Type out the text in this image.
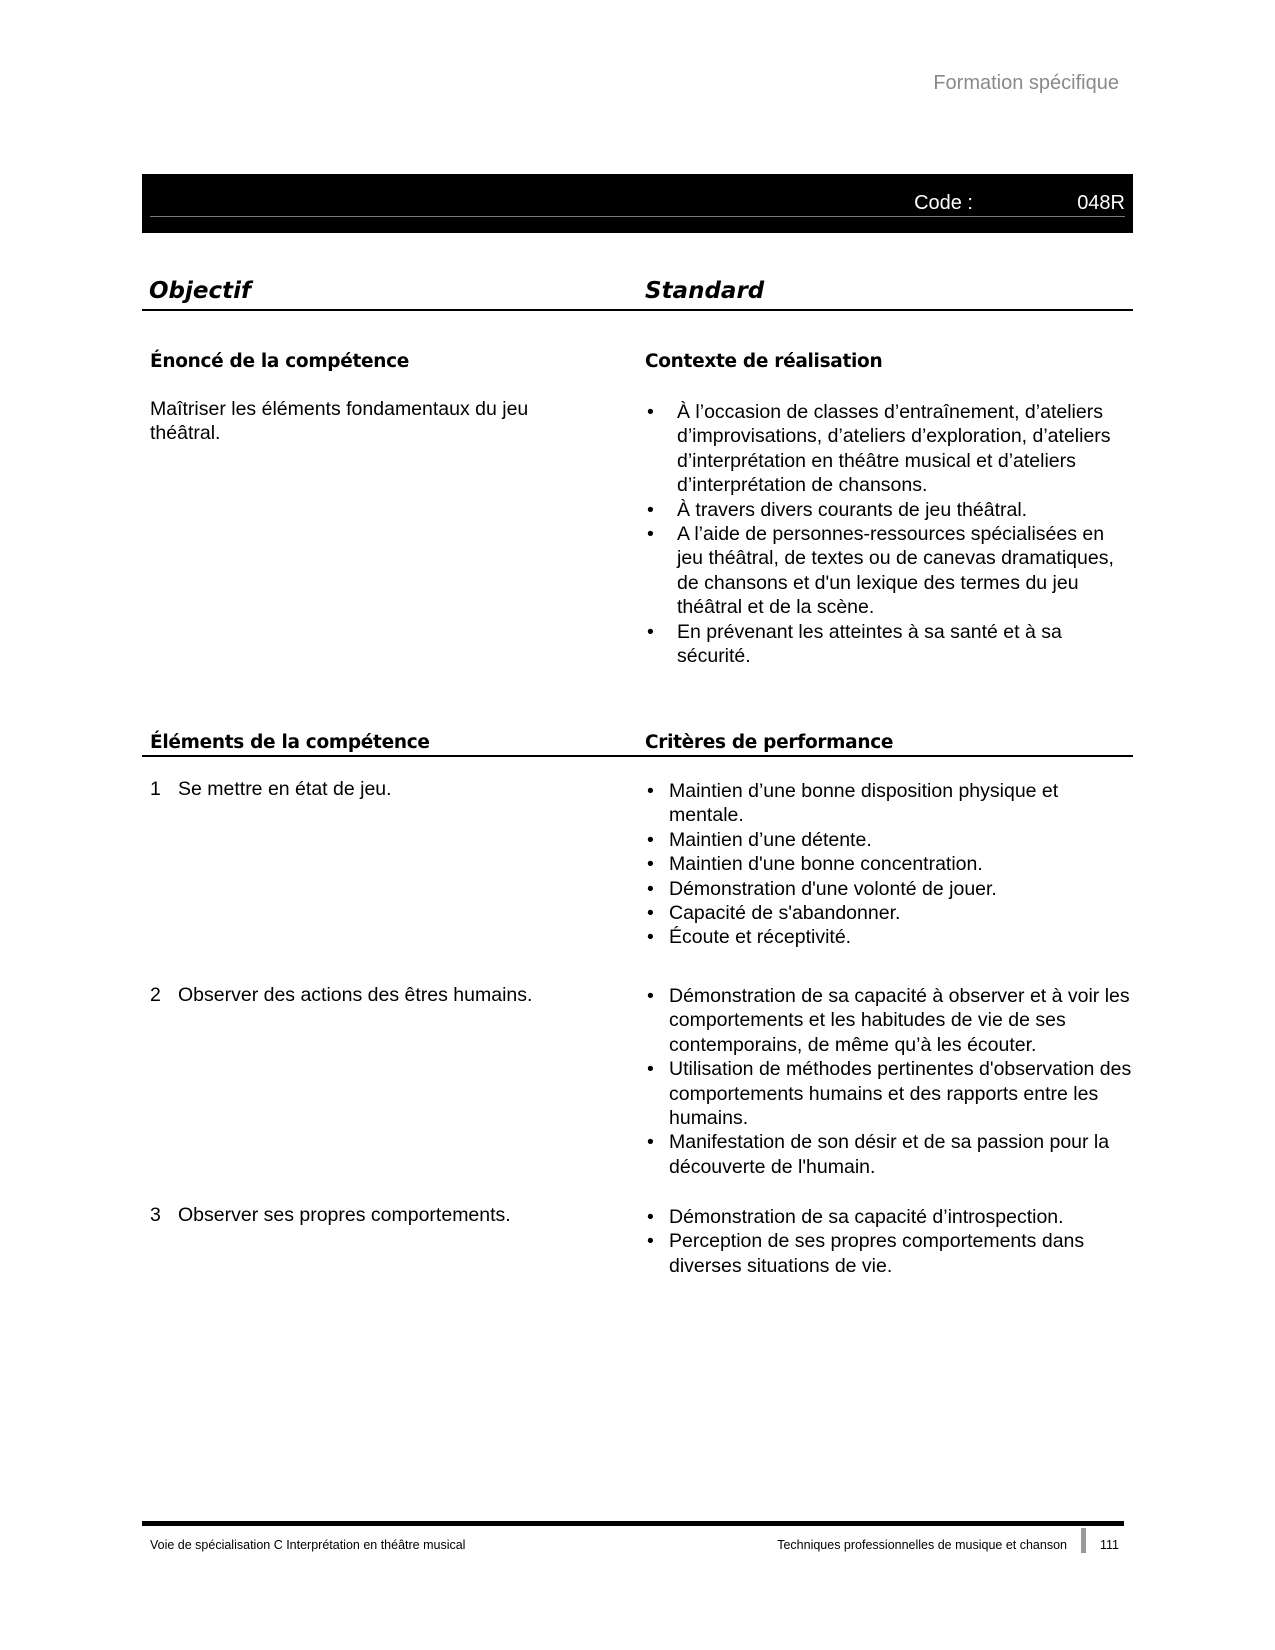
Formation spécifique
Code :	048R
Objectif	Standard
Énoncé de la compétence	Contexte de réalisation
Maîtriser les éléments fondamentaux du jeu théâtral.
• À l’occasion de classes d’entraînement, d’ateliers d’improvisations, d’ateliers d’exploration, d’ateliers d’interprétation en théâtre musical et d’ateliers d’interprétation de chansons.
• À travers divers courants de jeu théâtral.
• A l’aide de personnes-ressources spécialisées en jeu théâtral, de textes ou de canevas dramatiques, de chansons et d'un lexique des termes du jeu théâtral et de la scène.
• En prévenant les atteintes à sa santé et à sa sécurité.
Éléments de la compétence	Critères de performance
1 Se mettre en état de jeu.	• Maintien d’une bonne disposition physique et mentale.
• Maintien d’une détente.
• Maintien d'une bonne concentration.
• Démonstration d'une volonté de jouer.
• Capacité de s'abandonner.
• Écoute et réceptivité.
2 Observer des actions des êtres humains.	• Démonstration de sa capacité à observer et à voir les comportements et les habitudes de vie de ses contemporains, de même qu’à les écouter.
• Utilisation de méthodes pertinentes d'observation des comportements humains et des rapports entre les humains.
• Manifestation de son désir et de sa passion pour la découverte de l'humain.
3 Observer ses propres comportements.	• Démonstration de sa capacité d’introspection.
• Perception de ses propres comportements dans diverses situations de vie.
Voie de spécialisation C Interprétation en théâtre musical	Techniques professionnelles de musique et chanson	111
